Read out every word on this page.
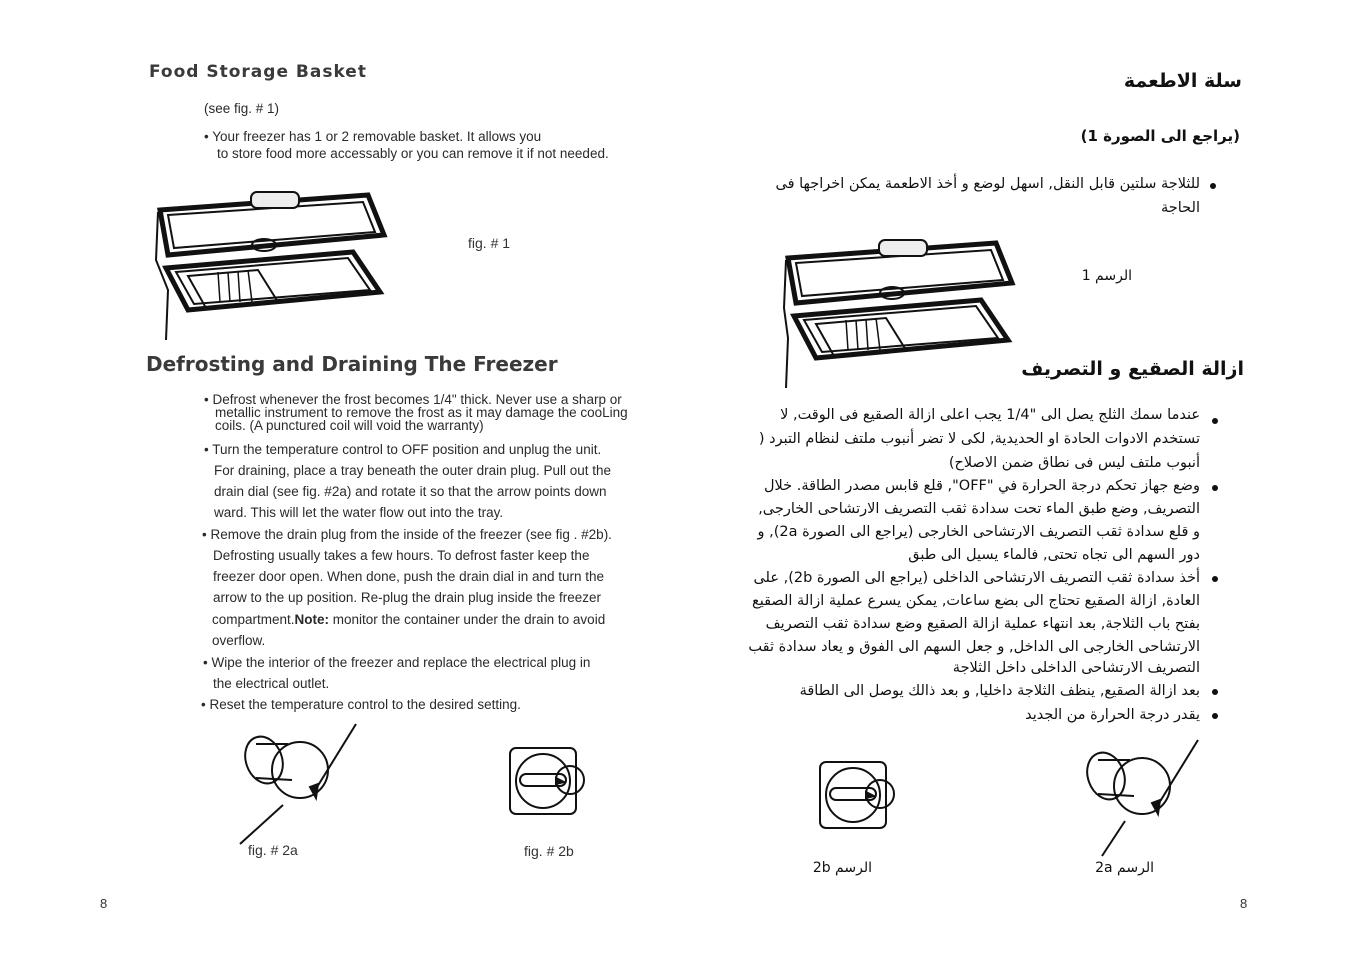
Food Storage Basket
(see fig. # 1)
• Your freezer has 1 or 2 removable basket. It allows you
to store food more accessably or you can remove it if not needed.
fig. # 1
Defrosting and Draining The Freezer
• Defrost whenever the frost becomes 1/4" thick. Never use a sharp or
metallic instrument to remove the frost as it may damage the cooLing
coils. (A punctured coil will void the warranty)
• Turn the temperature control to OFF position and unplug the unit.
For draining, place a tray beneath the outer drain plug. Pull out the
drain dial (see fig. #2a) and rotate it so that the arrow points down
ward. This will let the water flow out into the tray.
• Remove the drain plug from the inside of the freezer (see fig . #2b).
Defrosting usually takes a few hours. To defrost faster keep the
freezer door open. When done, push the drain dial in and turn the
arrow to the up position. Re-plug the drain plug inside the freezer
compartment.Note: monitor the container under the drain to avoid
overflow.
• Wipe the interior of the freezer and replace the electrical plug in
the electrical outlet.
• Reset the temperature control to the desired setting.
fig. # 2a	fig. # 2b
8
سلة الاطعمة
(يراجع الى الصورة 1)
للثلاجة سلتين قابل النقل, اسهل لوضع و أخذ الاطعمة يمكن اخراجها فى
الحاجة
الرسم 1
ازالة الصقيع و التصريف
عندما سمك الثلج يصل الى "1/4 يجب اعلى ازالة الصقيع فى الوقت, لا
تستخدم الادوات الحادة او الحديدية, لكى لا تضر أنبوب ملتف لنظام التبرد (
أنبوب ملتف ليس فى نطاق ضمن الاصلاح)
وضع جهاز تحكم درجة الحرارة في "OFF", قلع قابس مصدر الطاقة. خلال
التصريف, وضع طبق الماء تحت سدادة ثقب التصريف الارتشاحى الخارجى,
و قلع سدادة ثقب التصريف الارتشاحى الخارجى (يراجع الى الصورة 2a), و
دور السهم الى تجاه تحتى, فالماء يسيل الى طبق
أخذ سدادة ثقب التصريف الارتشاحى الداخلى (يراجع الى الصورة 2b), على
العادة, ازالة الصقيع تحتاج الى بضع ساعات, يمكن يسرع عملية ازالة الصقيع
بفتح باب الثلاجة, بعد انتهاء عملية ازالة الصقيع وضع سدادة ثقب التصريف
الارتشاحى الخارجى الى الداخل, و جعل السهم الى الفوق و يعاد سدادة ثقب
التصريف الارتشاحى الداخلى داخل الثلاجة
بعد ازالة الصقيع, ينظف الثلاجة داخليا, و بعد ذالك يوصل الى الطاقة
يقدر درجة الحرارة من الجديد
الرسم 2b	الرسم 2a
8
